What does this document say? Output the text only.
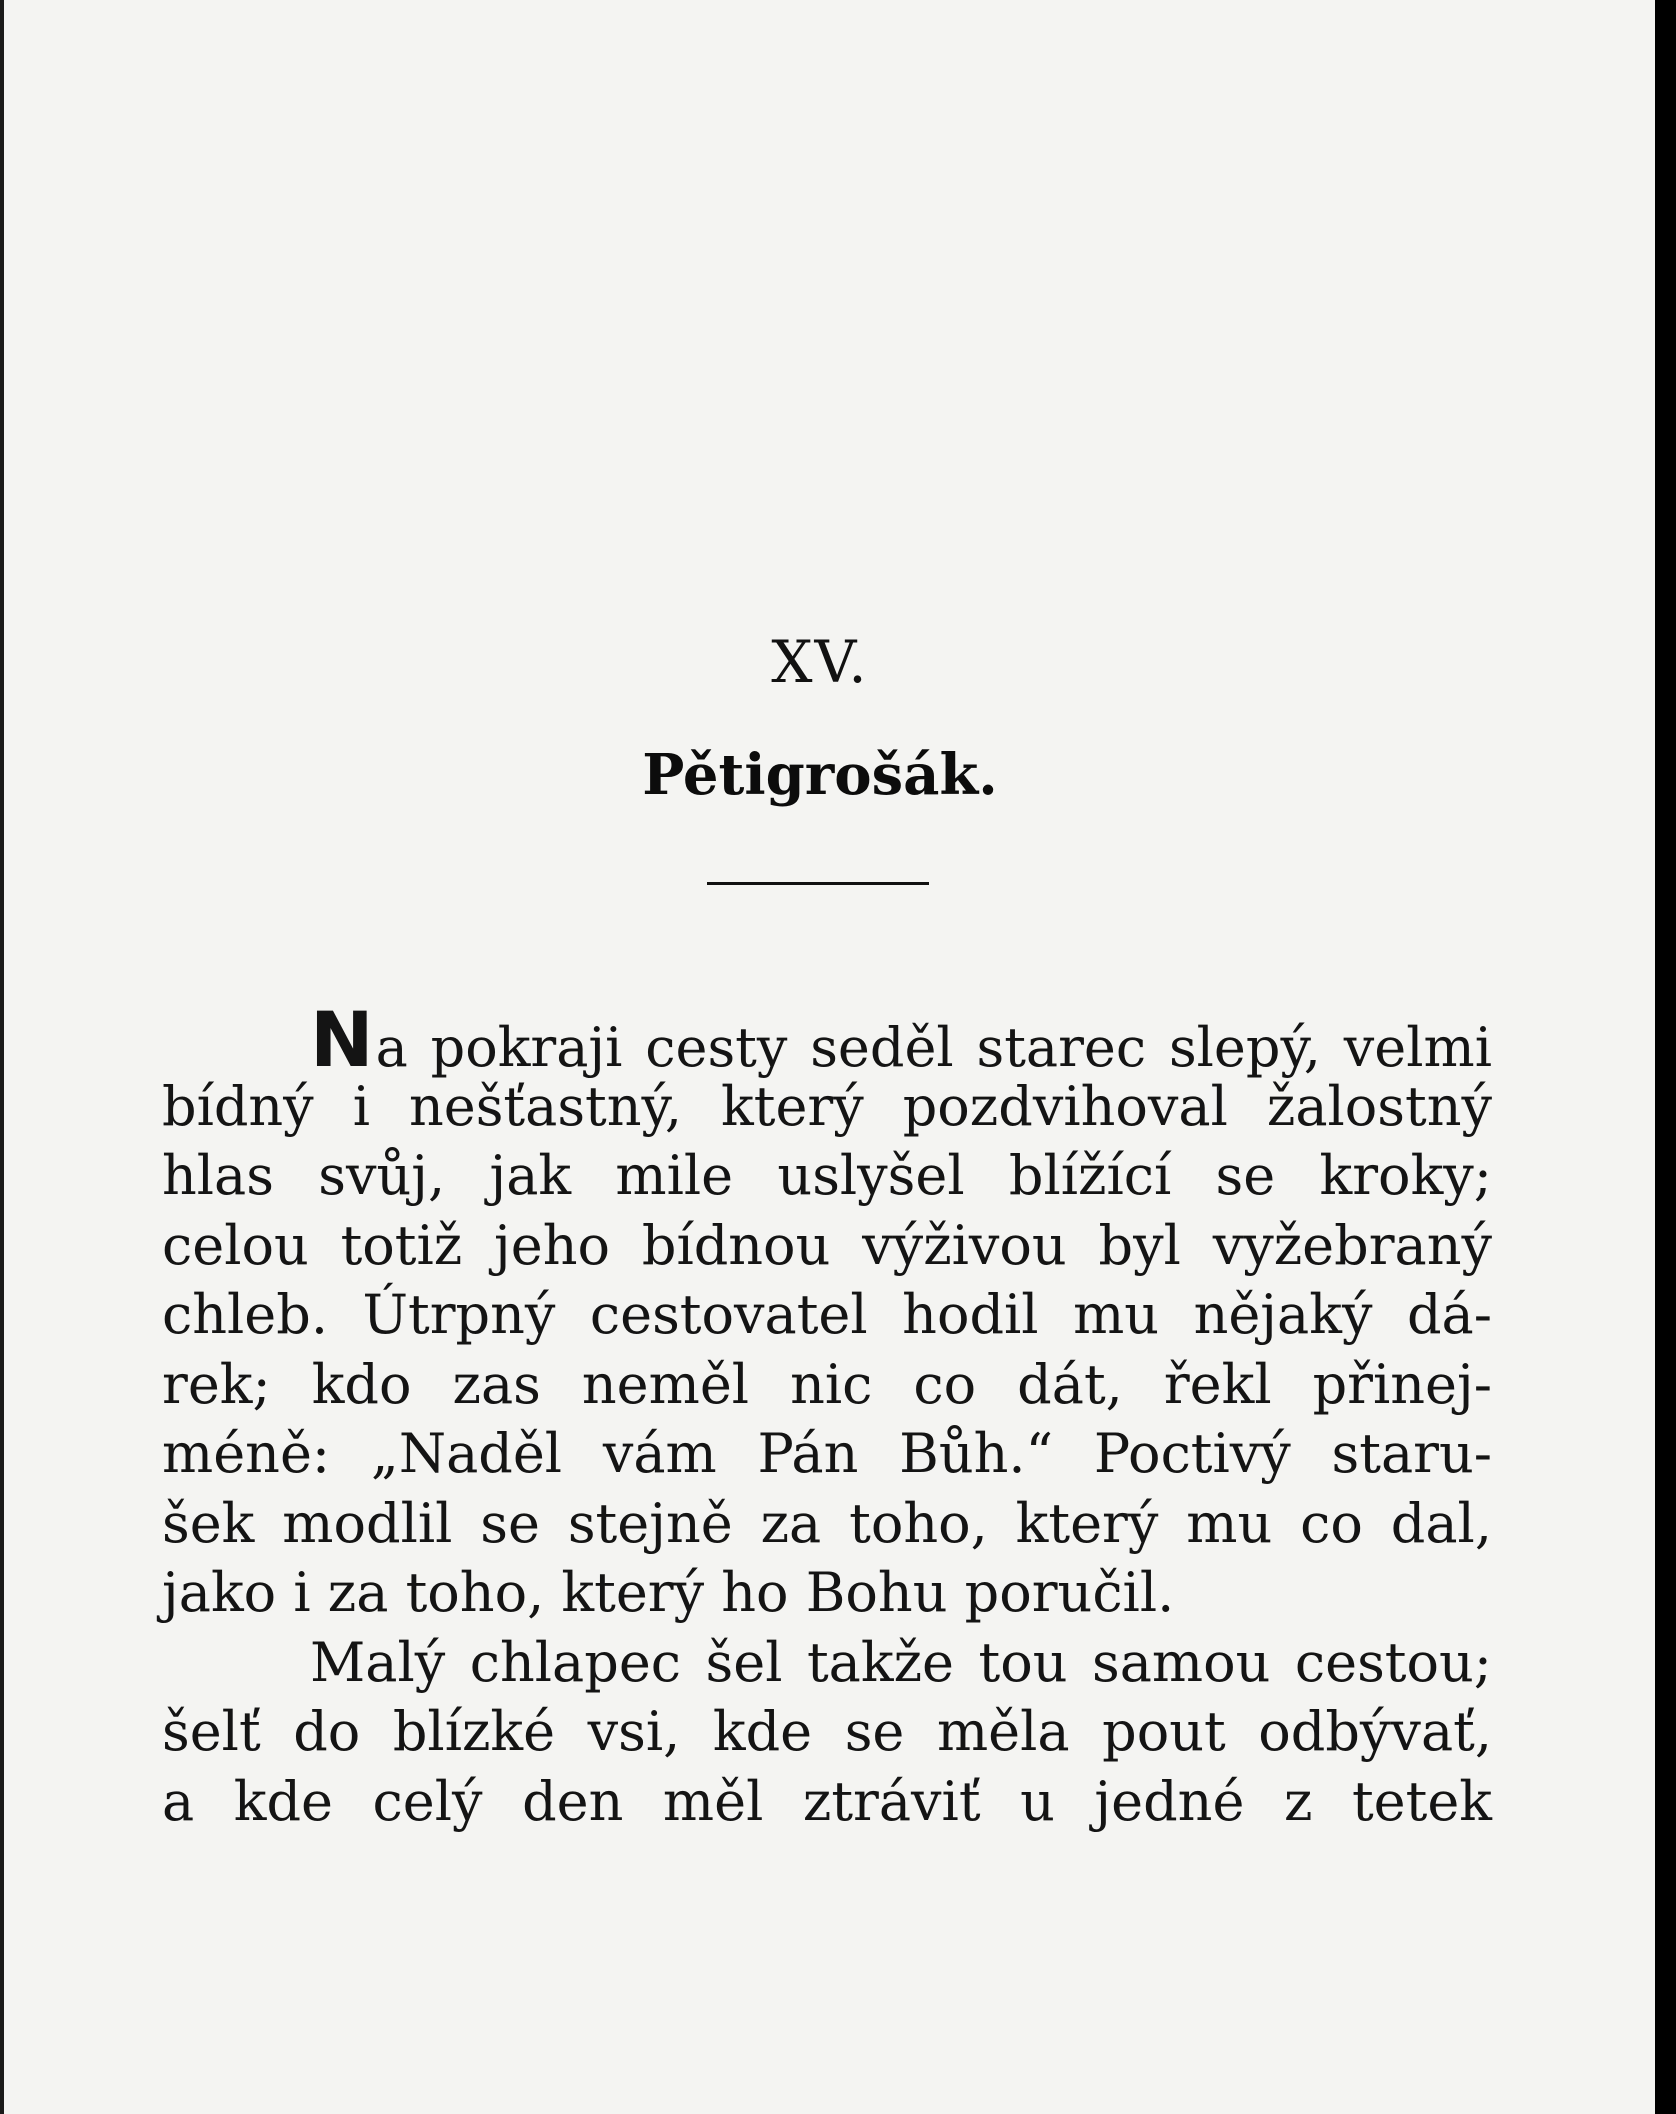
XV.
Pětigrošák.
Na pokraji cesty seděl starec slepý, velmi
bídný i nešťastný, který pozdvihoval žalostný
hlas svůj, jak mile uslyšel blížící se kroky;
celou totiž jeho bídnou výživou byl vyžebraný
chleb. Útrpný cestovatel hodil mu nějaký dá-
rek; kdo zas neměl nic co dát, řekl přinej-
méně: „Naděl vám Pán Bůh.“ Poctivý staru-
šek modlil se stejně za toho, který mu co dal,
jako i za toho, který ho Bohu poručil.
Malý chlapec šel takže tou samou cestou;
šelť do blízké vsi, kde se měla pout odbývať,
a kde celý den měl ztráviť u jedné z tetek
